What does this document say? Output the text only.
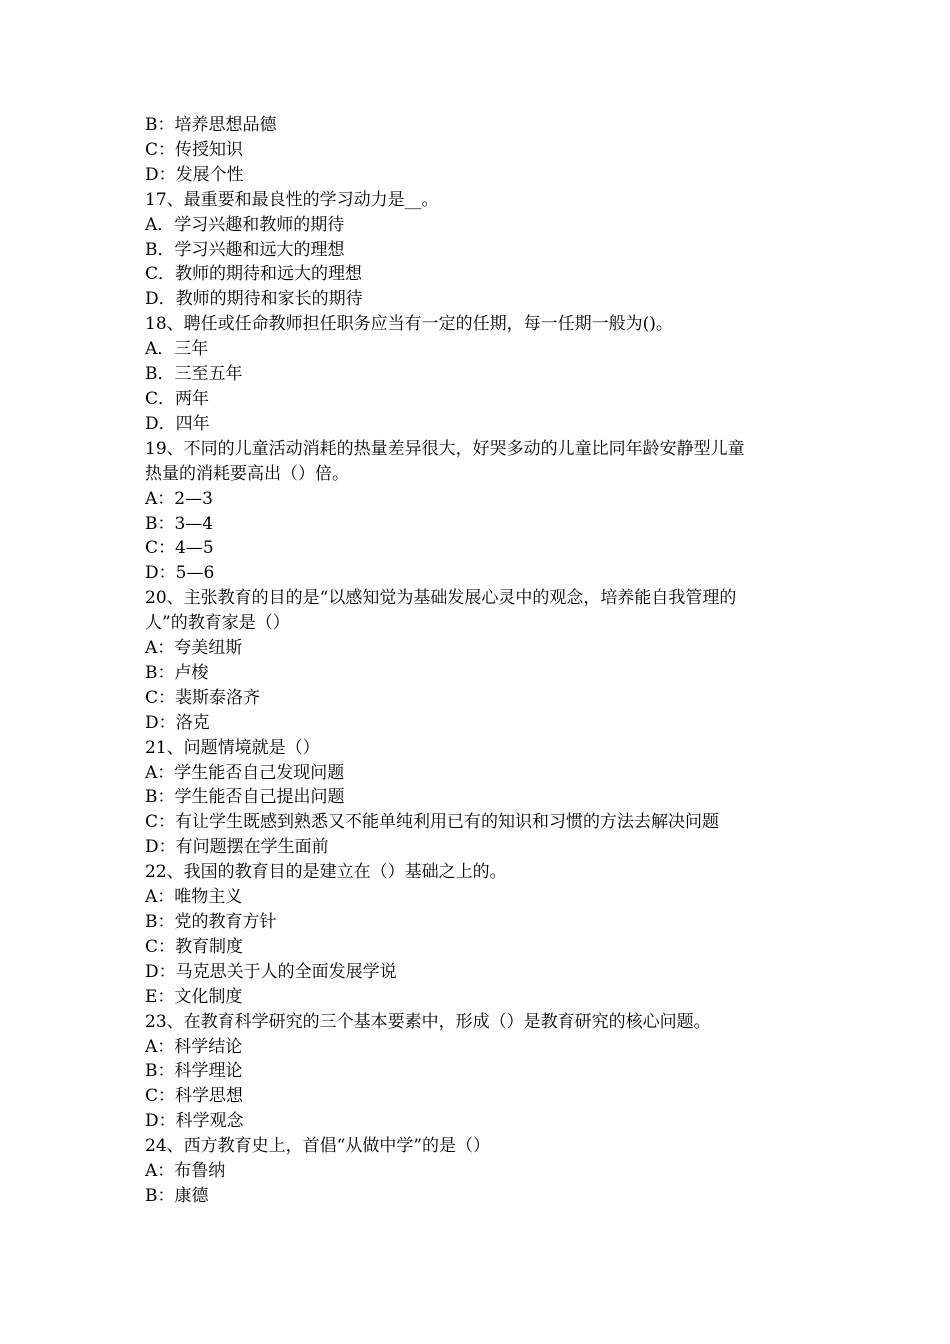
B：培养思想品德
C：传授知识
D：发展个性
17、最重要和最良性的学习动力是__。
A．学习兴趣和教师的期待
B．学习兴趣和远大的理想
C．教师的期待和远大的理想
D．教师的期待和家长的期待
18、聘任或任命教师担任职务应当有一定的任期，每一任期一般为()。
A．三年
B．三至五年
C．两年
D．四年
19、不同的儿童活动消耗的热量差异很大，好哭多动的儿童比同年龄安静型儿童
热量的消耗要高出（）倍。
A：2—3
B：3—4
C：4—5
D：5—6
20、主张教育的目的是“以感知觉为基础发展心灵中的观念，培养能自我管理的
人”的教育家是（）
A：夸美纽斯
B：卢梭
C：裴斯泰洛齐
D：洛克
21、问题情境就是（）
A：学生能否自己发现问题
B：学生能否自己提出问题
C：有让学生既感到熟悉又不能单纯利用已有的知识和习惯的方法去解决问题
D：有问题摆在学生面前
22、我国的教育目的是建立在（）基础之上的。
A：唯物主义
B：党的教育方针
C：教育制度
D：马克思关于人的全面发展学说
E：文化制度
23、在教育科学研究的三个基本要素中，形成（）是教育研究的核心问题。
A：科学结论
B：科学理论
C：科学思想
D：科学观念
24、西方教育史上，首倡“从做中学”的是（）
A：布鲁纳
B：康德
